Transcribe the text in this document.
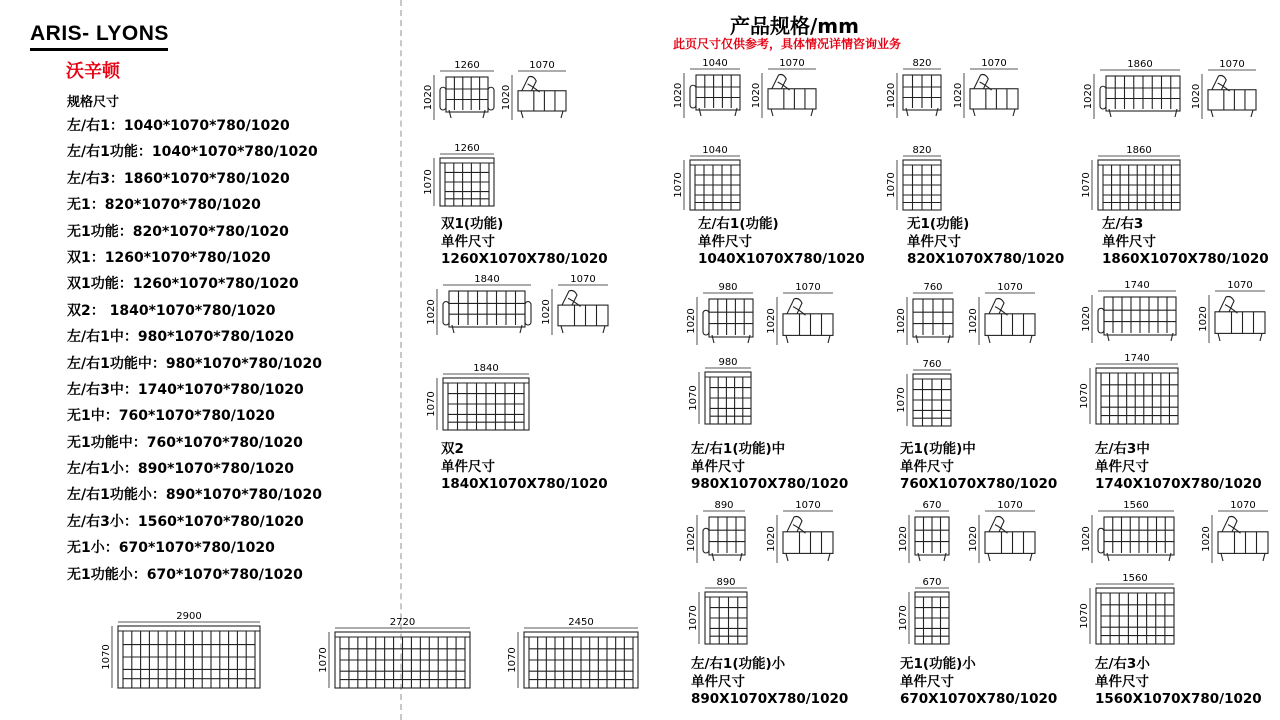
ARIS- LYONS
沃辛顿
规格尺寸
左/右1：1040*1070*780/1020
左/右1功能：1040*1070*780/1020
左/右3：1860*1070*780/1020
无1：820*1070*780/1020
无1功能：820*1070*780/1020
双1：1260*1070*780/1020
双1功能：1260*1070*780/1020
双2： 1840*1070*780/1020
左/右1中：980*1070*780/1020
左/右1功能中：980*1070*780/1020
左/右3中：1740*1070*780/1020
无1中：760*1070*780/1020
无1功能中：760*1070*780/1020
左/右1小：890*1070*780/1020
左/右1功能小：890*1070*780/1020
左/右3小：1560*1070*780/1020
无1小：670*1070*780/1020
无1功能小：670*1070*780/1020
产品规格/mm
此页尺寸仅供参考，具体情况详情咨询业务
双1(功能)
单件尺寸
1260X1070X780/1020
左/右1(功能)
单件尺寸
1040X1070X780/1020
无1(功能)
单件尺寸
820X1070X780/1020
左/右3
单件尺寸
1860X1070X780/1020
双2
单件尺寸
1840X1070X780/1020
左/右1(功能)中
单件尺寸
980X1070X780/1020
无1(功能)中
单件尺寸
760X1070X780/1020
左/右3中
单件尺寸
1740X1070X780/1020
左/右1(功能)小
单件尺寸
890X1070X780/1020
无1(功能)小
单件尺寸
670X1070X780/1020
左/右3小
单件尺寸
1560X1070X780/1020
1260
1020
1070
1020
1260
1070
1040
1020
1070
1020
1040
1070
820
1020
1070
1020
820
1070
1860
1020
1070
1020
1860
1070
1840
1020
1070
1020
1840
1070
980
1020
1070
1020
980
1070
760
1020
1070
1020
760
1070
1740
1020
1070
1020
1740
1070
890
1020
1070
1020
890
1070
670
1020
1070
1020
670
1070
1560
1020
1070
1020
1560
1070
2900
1070
2720
1070
2450
1070
